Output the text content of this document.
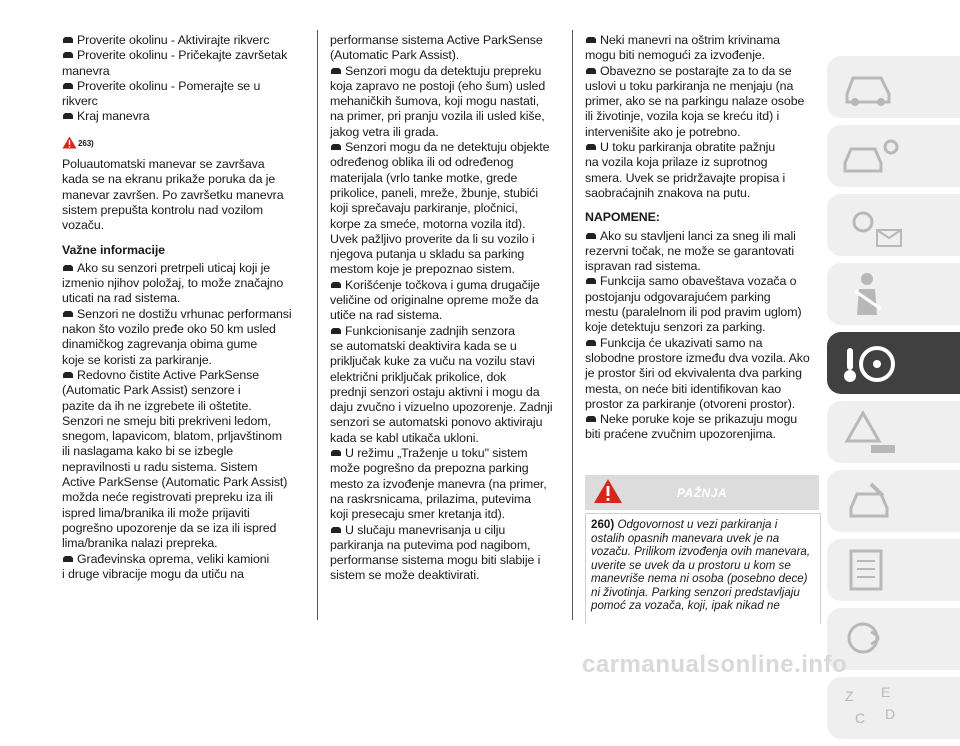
Proverite okolinu - Aktivirajte rikverc
Proverite okolinu - Pričekajte završetak
manevra
Proverite okolinu - Pomerajte se u
rikverc
Kraj manevra
263)
Poluautomatski manevar se završava
kada se na ekranu prikaže poruka da je
manevar završen. Po završetku manevra
sistem prepušta kontrolu nad vozilom
vozaču.
Važne informacije
Ako su senzori pretrpeli uticaj koji je
izmenio njihov položaj, to može značajno
uticati na rad sistema.
Senzori ne dostižu vrhunac performansi
nakon što vozilo pređe oko 50 km usled
dinamičkog zagrevanja obima gume
koje se koristi za parkiranje.
Redovno čistite Active ParkSense
(Automatic Park Assist) senzore i
pazite da ih ne izgrebete ili oštetite.
Senzori ne smeju biti prekriveni ledom,
snegom, lapavicom, blatom, prljavštinom
ili naslagama kako bi se izbegle
nepravilnosti u radu sistema. Sistem
Active ParkSense (Automatic Park Assist)
možda neće registrovati prepreku iza ili
ispred lima/branika ili može prijaviti
pogrešno upozorenje da se iza ili ispred
lima/branika nalazi prepreka.
Građevinska oprema, veliki kamioni
i druge vibracije mogu da utiču na
performanse sistema Active ParkSense
(Automatic Park Assist).
Senzori mogu da detektuju prepreku
koja zapravo ne postoji (eho šum) usled
mehaničkih šumova, koji mogu nastati,
na primer, pri pranju vozila ili usled kiše,
jakog vetra ili grada.
Senzori mogu da ne detektuju objekte
određenog oblika ili od određenog
materijala (vrlo tanke motke, grede
prikolice, paneli, mreže, žbunje, stubići
koji sprečavaju parkiranje, pločnici,
korpe za smeće, motorna vozila itd).
Uvek pažljivo proverite da li su vozilo i
njegova putanja u skladu sa parking
mestom koje je prepoznao sistem.
Korišćenje točkova i guma drugačije
veličine od originalne opreme može da
utiče na rad sistema.
Funkcionisanje zadnjih senzora
se automatski deaktivira kada se u
priključak kuke za vuču na vozilu stavi
električni priključak prikolice, dok
prednji senzori ostaju aktivni i mogu da
daju zvučno i vizuelno upozorenje. Zadnji
senzori se automatski ponovo aktiviraju
kada se kabl utikača ukloni.
U režimu „Traženje u toku" sistem
može pogrešno da prepozna parking
mesto za izvođenje manevra (na primer,
na raskrsnicama, prilazima, putevima
koji presecaju smer kretanja itd).
U slučaju manevrisanja u cilju
parkiranja na putevima pod nagibom,
performanse sistema mogu biti slabije i
sistem se može deaktivirati.
Neki manevri na oštrim krivinama
mogu biti nemogući za izvođenje.
Obavezno se postarajte za to da se
uslovi u toku parkiranja ne menjaju (na
primer, ako se na parkingu nalaze osobe
ili životinje, vozila koja se kreću itd) i
intervenišite ako je potrebno.
U toku parkiranja obratite pažnju
na vozila koja prilaze iz suprotnog
smera. Uvek se pridržavajte propisa i
saobraćajnih znakova na putu.
NAPOMENE:
Ako su stavljeni lanci za sneg ili mali
rezervni točak, ne može se garantovati
ispravan rad sistema.
Funkcija samo obaveštava vozača o
postojanju odgovarajućem parking
mestu (paralelnom ili pod pravim uglom)
koje detektuju senzori za parking.
Funkcija će ukazivati samo na
slobodne prostore između dva vozila. Ako
je prostor širi od ekvivalenta dva parking
mesta, on neće biti identifikovan kao
prostor za parkiranje (otvoreni prostor).
Neke poruke koje se prikazuju mogu
biti praćene zvučnim upozorenjima.
PAŽNJA
260) Odgovornost u vezi parkiranja i
ostalih opasnih manevara uvek je na
vozaču. Prilikom izvođenja ovih manevara,
uverite se uvek da u prostoru u kom se
manevriše nema ni osoba (posebno dece)
ni životinja. Parking senzori predstavljaju
pomoć za vozača, koji, ipak nikad ne
Z E
C D
carmanualsonline.info
